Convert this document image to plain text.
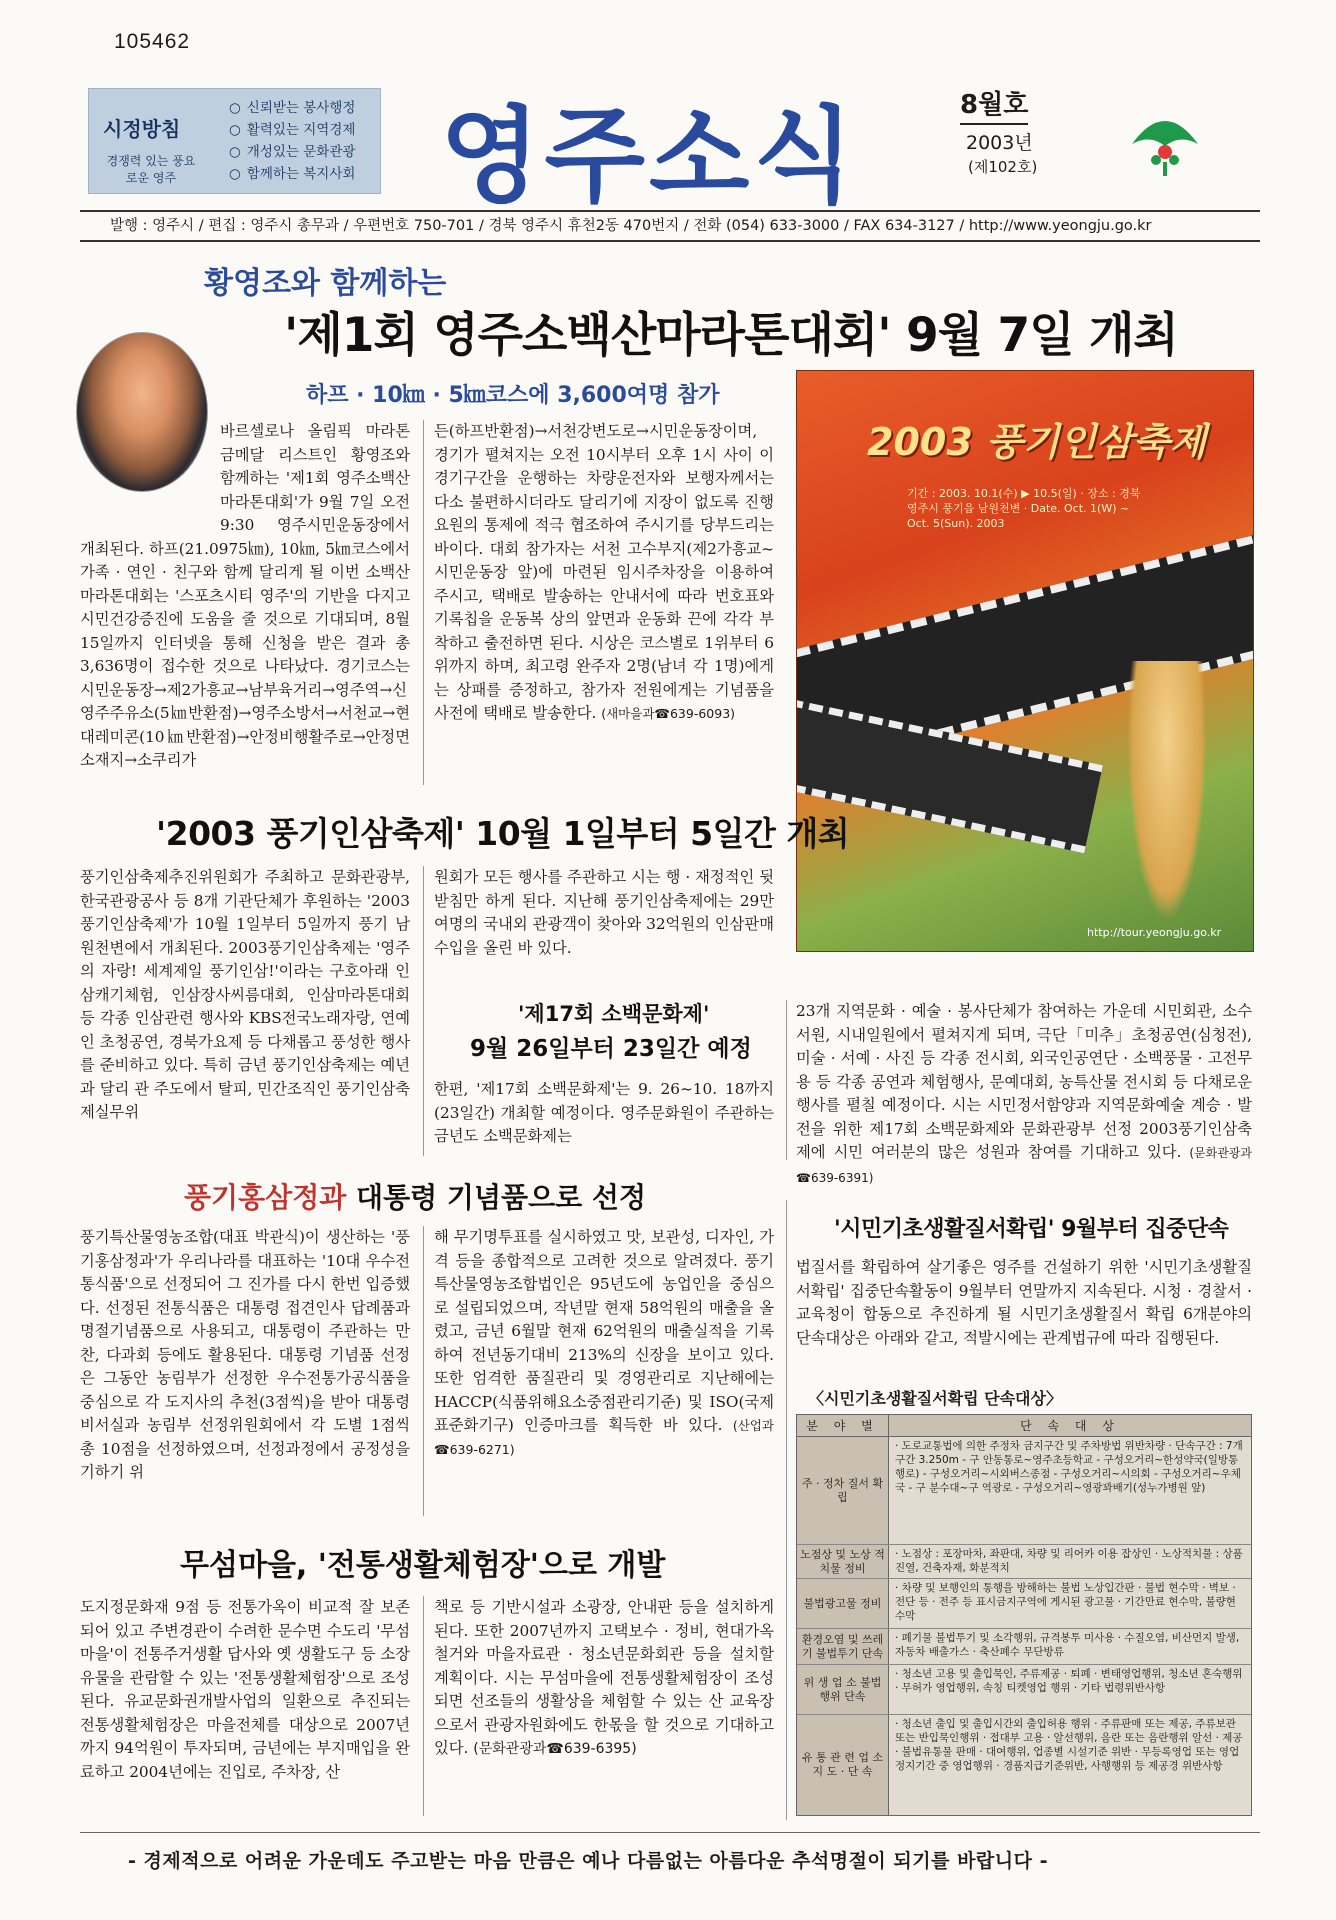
105462
시정방침
경쟁력 있는 풍요로운 영주
○ 신뢰받는 봉사행정
○ 활력있는 지역경제
○ 개성있는 문화관광
○ 함께하는 복지사회 영주소식	8월호
2003년
(제102호)
발행 : 영주시 / 편집 : 영주시 총무과 / 우편번호 750-701 / 경북 영주시 휴천2동 470번지 / 전화 (054) 633-3000 / FAX 634-3127 / http://www.yeongju.go.kr
황영조와 함께하는
'제1회 영주소백산마라톤대회' 9월 7일 개최
하프 · 10㎞ · 5㎞코스에 3,600여명 참가
바르셀로나 올림픽 마라톤 금메달 리스트인 황영조와 함께하는 '제1회 영주소백산마라톤대회'가 9월 7일 오전 9:30 영주시민운동장에서 개최된다. 하프(21.0975㎞), 10㎞, 5㎞코스에서 가족 · 연인 · 친구와 함께 달리게 될 이번 소백산마라톤대회는 '스포츠시티 영주'의 기반을 다지고 시민건강증진에 도움을 줄 것으로 기대되며, 8월 15일까지 인터넷을 통해 신청을 받은 결과 총 3,636명이 접수한 것으로 나타났다. 경기코스는 시민운동장→제2가흥교→남부육거리→영주역→신영주주유소(5㎞반환점)→영주소방서→서천교→현대레미콘(10㎞반환점)→안정비행활주로→안정면소재지→소쿠리가
든(하프반환점)→서천강변도로→시민운동장이며, 경기가 펼쳐지는 오전 10시부터 오후 1시 사이 이 경기구간을 운행하는 차량운전자와 보행자께서는 다소 불편하시더라도 달리기에 지장이 없도록 진행요원의 통제에 적극 협조하여 주시기를 당부드리는 바이다. 대회 참가자는 서천 고수부지(제2가흥교~시민운동장 앞)에 마련된 임시주차장을 이용하여 주시고, 택배로 발송하는 안내서에 따라 번호표와 기록칩을 운동복 상의 앞면과 운동화 끈에 각각 부착하고 출전하면 된다. 시상은 코스별로 1위부터 6위까지 하며, 최고령 완주자 2명(남녀 각 1명)에게는 상패를 증정하고, 참가자 전원에게는 기념품을 사전에 택배로 발송한다. (새마을과☎639-6093)
2003 풍기인삼축제
기간 : 2003. 10.1(수) ▶ 10.5(일) · 장소 : 경북 영주시 풍기읍 남원천변 · Date. Oct. 1(W) ~ Oct. 5(Sun). 2003
http://tour.yeongju.go.kr
'2003 풍기인삼축제' 10월 1일부터 5일간 개최
풍기인삼축제추진위원회가 주최하고 문화관광부, 한국관광공사 등 8개 기관단체가 후원하는 '2003풍기인삼축제'가 10월 1일부터 5일까지 풍기 남원천변에서 개최된다. 2003풍기인삼축제는 '영주의 자랑! 세계제일 풍기인삼!'이라는 구호아래 인삼캐기체험, 인삼장사씨름대회, 인삼마라톤대회 등 각종 인삼관련 행사와 KBS전국노래자랑, 연예인 초청공연, 경북가요제 등 다채롭고 풍성한 행사를 준비하고 있다. 특히 금년 풍기인삼축제는 예년과 달리 관 주도에서 탈피, 민간조직인 풍기인삼축제실무위
원회가 모든 행사를 주관하고 시는 행 · 재정적인 뒷받침만 하게 된다. 지난해 풍기인삼축제에는 29만여명의 국내외 관광객이 찾아와 32억원의 인삼판매수입을 올린 바 있다.
'제17회 소백문화제'
9월 26일부터 23일간 예정
한편, '제17회 소백문화제'는 9. 26~10. 18까지(23일간) 개최할 예정이다. 영주문화원이 주관하는 금년도 소백문화제는
23개 지역문화 · 예술 · 봉사단체가 참여하는 가운데 시민회관, 소수서원, 시내일원에서 펼쳐지게 되며, 극단「미추」초청공연(심청전), 미술 · 서예 · 사진 등 각종 전시회, 외국인공연단 · 소백풍물 · 고전무용 등 각종 공연과 체험행사, 문예대회, 농특산물 전시회 등 다채로운 행사를 펼칠 예정이다. 시는 시민정서함양과 지역문화예술 계승 · 발전을 위한 제17회 소백문화제와 문화관광부 선정 2003풍기인삼축제에 시민 여러분의 많은 성원과 참여를 기대하고 있다. (문화관광과☎639-6391)
풍기홍삼정과 대통령 기념품으로 선정
풍기특산물영농조합(대표 박관식)이 생산하는 '풍기홍삼정과'가 우리나라를 대표하는 '10대 우수전통식품'으로 선정되어 그 진가를 다시 한번 입증했다. 선정된 전통식품은 대통령 접견인사 답례품과 명절기념품으로 사용되고, 대통령이 주관하는 만찬, 다과회 등에도 활용된다. 대통령 기념품 선정은 그동안 농림부가 선정한 우수전통가공식품을 중심으로 각 도지사의 추천(3점씩)을 받아 대통령비서실과 농림부 선정위원회에서 각 도별 1점씩 총 10점을 선정하였으며, 선정과정에서 공정성을 기하기 위
해 무기명투표를 실시하였고 맛, 보관성, 디자인, 가격 등을 종합적으로 고려한 것으로 알려졌다. 풍기특산물영농조합법인은 95년도에 농업인을 중심으로 설립되었으며, 작년말 현재 58억원의 매출을 올렸고, 금년 6월말 현재 62억원의 매출실적을 기록하여 전년동기대비 213%의 신장을 보이고 있다. 또한 엄격한 품질관리 및 경영관리로 지난해에는 HACCP(식품위해요소중점관리기준) 및 ISO(국제표준화기구) 인증마크를 획득한 바 있다. (산업과☎639-6271)
무섬마을, '전통생활체험장'으로 개발
도지정문화재 9점 등 전통가옥이 비교적 잘 보존되어 있고 주변경관이 수려한 문수면 수도리 '무섬마을'이 전통주거생활 답사와 옛 생활도구 등 소장유물을 관람할 수 있는 '전통생활체험장'으로 조성된다. 유교문화권개발사업의 일환으로 추진되는 전통생활체험장은 마을전체를 대상으로 2007년까지 94억원이 투자되며, 금년에는 부지매입을 완료하고 2004년에는 진입로, 주차장, 산
책로 등 기반시설과 소광장, 안내판 등을 설치하게 된다. 또한 2007년까지 고택보수 · 정비, 현대가옥 철거와 마을자료관 · 청소년문화회관 등을 설치할 계획이다. 시는 무섬마을에 전통생활체험장이 조성되면 선조들의 생활상을 체험할 수 있는 산 교육장으로서 관광자원화에도 한몫을 할 것으로 기대하고 있다. (문화관광과☎639-6395)
'시민기초생활질서확립' 9월부터 집중단속
법질서를 확립하여 살기좋은 영주를 건설하기 위한 '시민기초생활질서확립' 집중단속활동이 9월부터 연말까지 지속된다. 시청 · 경찰서 · 교육청이 합동으로 추진하게 될 시민기초생활질서 확립 6개분야의 단속대상은 아래와 같고, 적발시에는 관계법규에 따라 집행된다.
〈시민기초생활질서확립 단속대상〉
분 야 별	단 속 대 상
주 · 정차 질서 확립
· 도로교통법에 의한 주정차 금지구간 및 주차방법 위반차량 · 단속구간 : 7개구간 3.250m - 구 안동통로~영주초등학교 - 구성오거리~한성약국(일방통행로) - 구성오거리~시외버스종점 - 구성오거리~시의회 - 구성오거리~우체국 - 구 분수대~구 역광로 - 구성오거리~영광꽈배기(성누가병원 앞)
노점상 및 노상 적치물 정비
· 노점상 : 포장마차, 좌판대, 차량 및 리어카 이용 잡상인 · 노상적치물 : 상품진열, 건축자재, 화분적치
불법광고물 정비
· 차량 및 보행인의 통행을 방해하는 불법 노상입간판 · 불법 현수막 · 벽보 · 전단 등 · 전주 등 표시금지구역에 게시된 광고물 · 기간만료 현수막, 불량현수막
환경오염 및 쓰레기 불법투기 단속
· 폐기물 불법투기 및 소각행위, 규격봉투 미사용 · 수질오염, 비산먼지 발생, 자동차 배출가스 · 축산폐수 무단방류
위 생 업 소 불법행위 단속
· 청소년 고용 및 출입묵인, 주류제공 · 퇴폐 · 변태영업행위, 청소년 혼숙행위 · 무허가 영업행위, 속칭 티켓영업 행위 · 기타 법령위반사항
유 통 관 련 업 소 지 도 · 단 속
· 청소년 출입 및 출입시간외 출입허용 행위 · 주류판매 또는 제공, 주류보관 또는 반입묵인행위 · 접대부 고용 · 알선행위, 음란 또는 음란행위 알선 · 제공 · 불법유통물 판매 · 대여행위, 업종별 시설기준 위반 · 무등록영업 또는 영업정지기간 중 영업행위 · 경품지급기준위반, 사행행위 등 제공경 위반사항
- 경제적으로 어려운 가운데도 주고받는 마음 만큼은 예나 다름없는 아름다운 추석명절이 되기를 바랍니다 -
